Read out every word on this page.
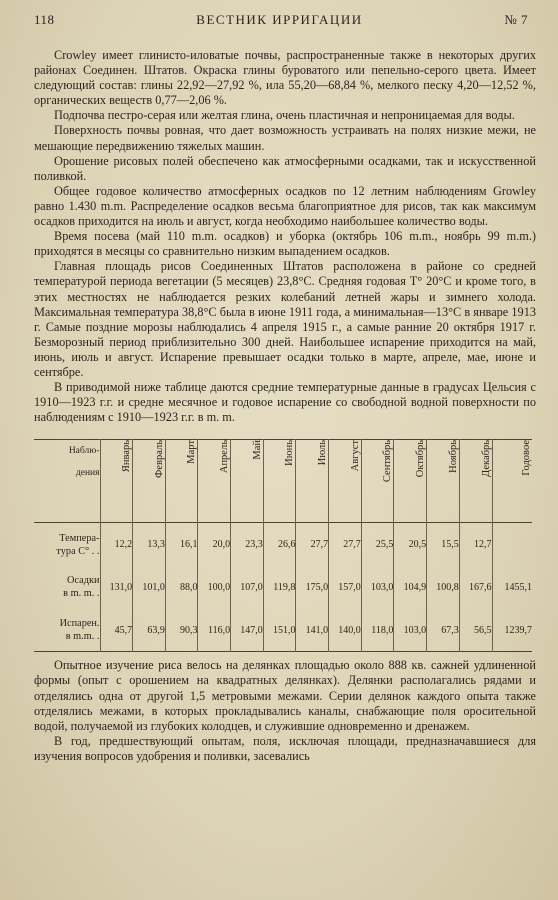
118	ВЕСТНИК ИРРИГАЦИИ	№ 7

Crowley имеет глинисто-иловатые почвы, распространенные также в некоторых других районах Соединен. Штатов. Окраска глины буроватого или пепельно-серого цвета. Имеет следующий состав: глины 22,92—27,92 %, ила 55,20—68,84 %, мелкого песку 4,20—12,52 %, органических веществ 0,77—2,06 %.

Подпочва пестро-серая или желтая глина, очень пластичная и непроницаемая для воды.

Поверхность почвы ровная, что дает возможность устраивать на полях низкие межи, не мешающие передвижению тяжелых машин.

Орошение рисовых полей обеспечено как атмосферными осадками, так и искусственной поливкой.

Общее годовое количество атмосферных осадков по 12 летним наблюдениям Growley равно 1.430 m.m. Распределение осадков весьма благоприятное для рисов, так как максимум осадков приходится на июль и август, когда необходимо наибольшее количество воды.

Время посева (май 110 m.m. осадков) и уборка (октябрь 106 m.m., ноябрь 99 m.m.) приходятся в месяцы со сравнительно низким выпадением осадков.

Главная площадь рисов Соединенных Штатов расположена в районе со средней температурой периода вегетации (5 месяцев) 23,8°С. Средняя годовая Т° 20°С и кроме того, в этих местностях не наблюдается резких колебаний летней жары и зимнего холода. Максимальная температура 38,8°С была в июне 1911 года, а минимальная—13°С в январе 1913 г. Самые поздние морозы наблюдались 4 апреля 1915 г., а самые ранние 20 октября 1917 г. Безморозный период приблизительно 300 дней. Наибольшее испарение приходится на май, июнь, июль и август. Испарение превышает осадки только в марте, апреле, мае, июне и сентябре.

В приводимой ниже таблице даются средние температурные данные в градусах Цельсия с 1910—1923 г.г. и средне месячное и годовое испарение со свободной водной поверхности по наблюдениям с 1910—1923 г.г. в m. m.

Наблю-
дения	Январь	Февраль	Март	Апрель	Май	Июнь	Июль	Август	Сентябрь	Октябрь	Ноябрь	Декабрь	Годовое
Темпера-
тура С° . .	12,2	13,3	16,1	20,0	23,3	26,6	27,7	27,7	25,5	20,5	15,5	12,7	
Осадки
в m. m. .	131,0	101,0	88,0	100,0	107,0	119,8	175,0	157,0	103,0	104,9	100,8	167,6	1455,1
Испарен.
в m.m. .	45,7	63,9	90,3	116,0	147,0	151,0	141,0	140,0	118,0	103,0	67,3	56,5	1239,7

Опытное изучение риса велось на делянках площадью около 888 кв. сажней удлиненной формы (опыт с орошением на квадратных делянках). Делянки располагались рядами и отделялись одна от другой 1,5 метровыми межами. Серии делянок каждого опыта также отделялись межами, в которых прокладывались каналы, снабжающие поля оросительной водой, получаемой из глубоких колодцев, и служившие одновременно и дренажем.

В год, предшествующий опытам, поля, исключая площади, предназначавшиеся для изучения вопросов удобрения и поливки, засевались
